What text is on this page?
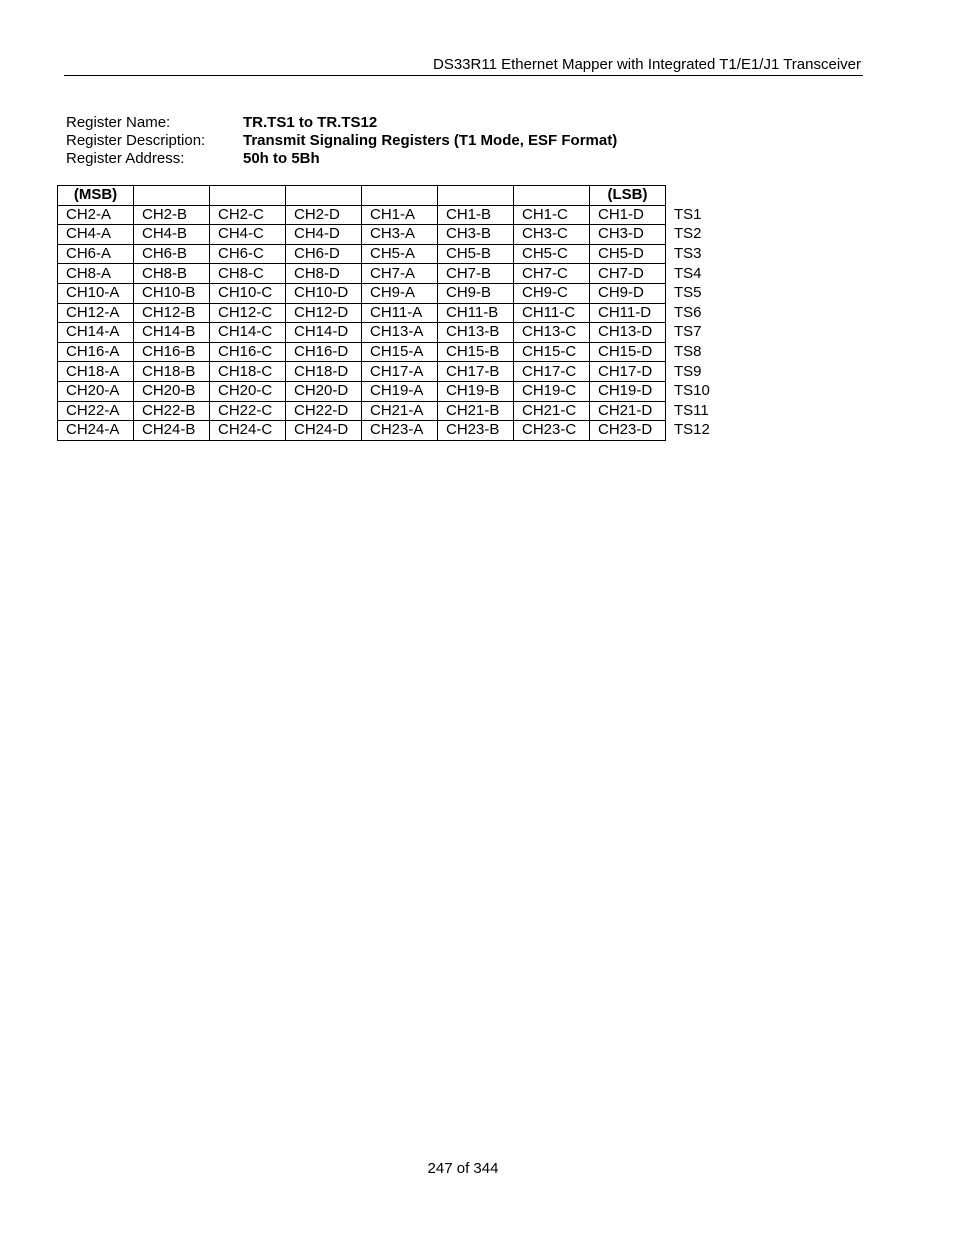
DS33R11 Ethernet Mapper with Integrated T1/E1/J1 Transceiver
Register Name:	TR.TS1 to TR.TS12
Register Description:	Transmit Signaling Registers (T1 Mode, ESF Format)
Register Address:	50h to 5Bh
(MSB)							(LSB)	
CH2-A	CH2-B	CH2-C	CH2-D	CH1-A	CH1-B	CH1-C	CH1-D	TS1
CH4-A	CH4-B	CH4-C	CH4-D	CH3-A	CH3-B	CH3-C	CH3-D	TS2
CH6-A	CH6-B	CH6-C	CH6-D	CH5-A	CH5-B	CH5-C	CH5-D	TS3
CH8-A	CH8-B	CH8-C	CH8-D	CH7-A	CH7-B	CH7-C	CH7-D	TS4
CH10-A	CH10-B	CH10-C	CH10-D	CH9-A	CH9-B	CH9-C	CH9-D	TS5
CH12-A	CH12-B	CH12-C	CH12-D	CH11-A	CH11-B	CH11-C	CH11-D	TS6
CH14-A	CH14-B	CH14-C	CH14-D	CH13-A	CH13-B	CH13-C	CH13-D	TS7
CH16-A	CH16-B	CH16-C	CH16-D	CH15-A	CH15-B	CH15-C	CH15-D	TS8
CH18-A	CH18-B	CH18-C	CH18-D	CH17-A	CH17-B	CH17-C	CH17-D	TS9
CH20-A	CH20-B	CH20-C	CH20-D	CH19-A	CH19-B	CH19-C	CH19-D	TS10
CH22-A	CH22-B	CH22-C	CH22-D	CH21-A	CH21-B	CH21-C	CH21-D	TS11
CH24-A	CH24-B	CH24-C	CH24-D	CH23-A	CH23-B	CH23-C	CH23-D	TS12
247 of 344
